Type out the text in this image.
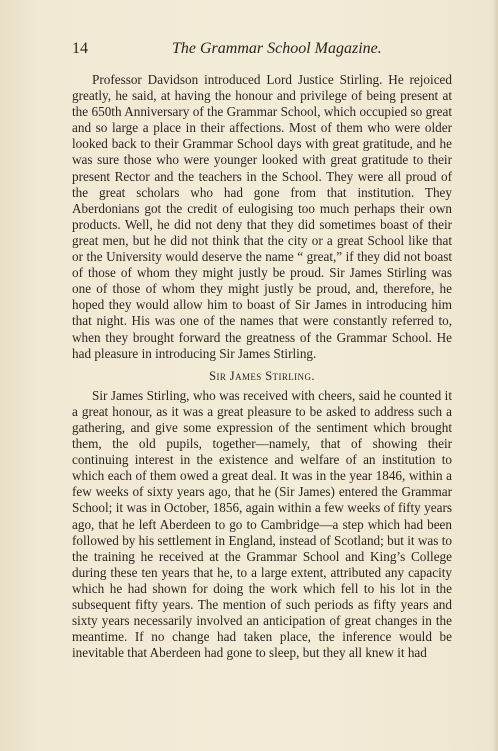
14	The Grammar School Magazine.

Professor Davidson introduced Lord Justice Stirling. He rejoiced greatly, he said, at having the honour and privilege of being present at the 650th Anniversary of the Grammar School, which occupied so great and so large a place in their affections. Most of them who were older looked back to their Grammar School days with great gratitude, and he was sure those who were younger looked with great gratitude to their present Rector and the teachers in the School. They were all proud of the great scholars who had gone from that institution. They Aberdonians got the credit of eulogising too much perhaps their own products. Well, he did not deny that they did sometimes boast of their great men, but he did not think that the city or a great School like that or the University would deserve the name “ great,” if they did not boast of those of whom they might justly be proud. Sir James Stirling was one of those of whom they might justly be proud, and, therefore, he hoped they would allow him to boast of Sir James in introducing him that night. His was one of the names that were constantly referred to, when they brought forward the greatness of the Grammar School. He had pleasure in introducing Sir James Stirling.

Sir James Stirling.

Sir James Stirling, who was received with cheers, said he counted it a great honour, as it was a great pleasure to be asked to address such a gathering, and give some expression of the sentiment which brought them, the old pupils, together—namely, that of showing their continuing interest in the existence and welfare of an institution to which each of them owed a great deal. It was in the year 1846, within a few weeks of sixty years ago, that he (Sir James) entered the Grammar School; it was in October, 1856, again within a few weeks of fifty years ago, that he left Aberdeen to go to Cambridge—a step which had been followed by his settlement in England, instead of Scotland; but it was to the training he received at the Grammar School and King’s College during these ten years that he, to a large extent, attributed any capacity which he had shown for doing the work which fell to his lot in the subsequent fifty years. The mention of such periods as fifty years and sixty years necessarily involved an anticipation of great changes in the meantime. If no change had taken place, the inference would be inevitable that Aberdeen had gone to sleep, but they all knew it had
